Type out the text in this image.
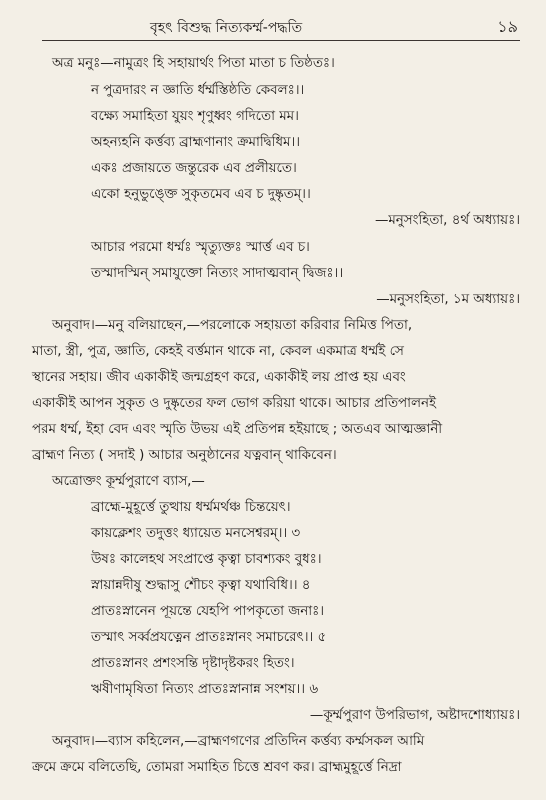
বৃহৎ বিশুদ্ধ নিত্যকর্ম্ম-পদ্ধতি	১৯
অত্র মনুঃ—নামুত্রং হি সহায়ার্থং পিতা মাতা চ তিষ্ঠতঃ।
ন পুত্রদারং ন জ্ঞাতি র্ধর্ম্মস্তিষ্ঠতি কেবলঃ।।
বক্ষ্যে সমাহিতা যুয়ং শৃণুধ্বং গদিতো মম।
অহন্যহনি কর্ত্তব্য ব্রাহ্মণানাং ক্রমাদ্বিধিম।।
একঃ প্রজায়তে জন্তুরেক এব প্রলীয়তে।
একো হনুভুঙ্ক্তে সুকৃতমেব এব চ দুষ্কৃতম্।।
—মনুসংহিতা, ৪র্থ অধ্যায়ঃ।
আচার পরমো ধর্ম্মঃ স্মৃত্যুক্তঃ স্মার্ত্ত এব চ।
তস্মাদস্মিন্ সমাযুক্তো নিত্যং সাদাত্মবান্ দ্বিজঃ।।
—মনুসংহিতা, ১ম অধ্যায়ঃ।
অনুবাদ।—মনু বলিয়াছেন,—পরলোকে সহায়তা করিবার নিমিত্ত পিতা,
মাতা, স্ত্রী, পুত্র, জ্ঞাতি, কেহই বর্ত্তমান থাকে না, কেবল একমাত্র ধর্ম্মই সে
স্থানের সহায়। জীব একাকীই জন্মগ্রহণ করে, একাকীই লয় প্রাপ্ত হয় এবং
একাকীই আপন সুকৃত ও দুষ্কৃতের ফল ভোগ করিয়া থাকে। আচার প্রতিপালনই
পরম ধর্ম্ম, ইহা বেদ এবং স্মৃতি উভয় এই প্রতিপন্ন হইয়াছে ; অতএব আত্মজ্ঞানী
ব্রাহ্মণ নিত্য ( সদাই ) আচার অনুষ্ঠানের যত্নবান্ থাকিবেন।
অত্রোক্তং কূর্ম্মপুরাণে ব্যাস,—
ব্রাহ্মে-মুহূর্ত্তে তুত্থায় ধর্ম্মমর্থঞ্চ চিন্তয়েৎ।
কায়ক্লেশং তদুত্তং ধ্যায়েত মনসেশ্বরম্।। ৩
উষঃ কালেহথ সংপ্রাপ্তে কৃত্বা চাবশ্যকং বুধঃ।
স্নায়ান্নদীষু শুদ্ধাসু শৌচং কৃত্বা যথাবিধি।। ৪
প্রাতঃস্নানেন পূয়ন্তে যেহপি পাপকৃতো জনাঃ।
তস্মাৎ সর্ব্বপ্রযত্নেন প্রাতঃস্নানং সমাচরেৎ।। ৫
প্রাতঃস্নানং প্রশংসন্তি দৃষ্টাদৃষ্টকরং হিতং।
ঋষীণামৃষিতা নিত্যং প্রাতঃস্নানান্ন সংশয়।। ৬
—কূর্ম্মপুরাণ উপরিভাগ, অষ্টাদশোধ্যায়ঃ।
অনুবাদ।—ব্যাস কহিলেন,—ব্রাহ্মণগণের প্রতিদিন কর্ত্তব্য কর্ম্মসকল আমি
ক্রমে ক্রমে বলিতেছি, তোমরা সমাহিত চিত্তে শ্রবণ কর। ব্রাহ্মমুহূর্ত্তে নিদ্রা
